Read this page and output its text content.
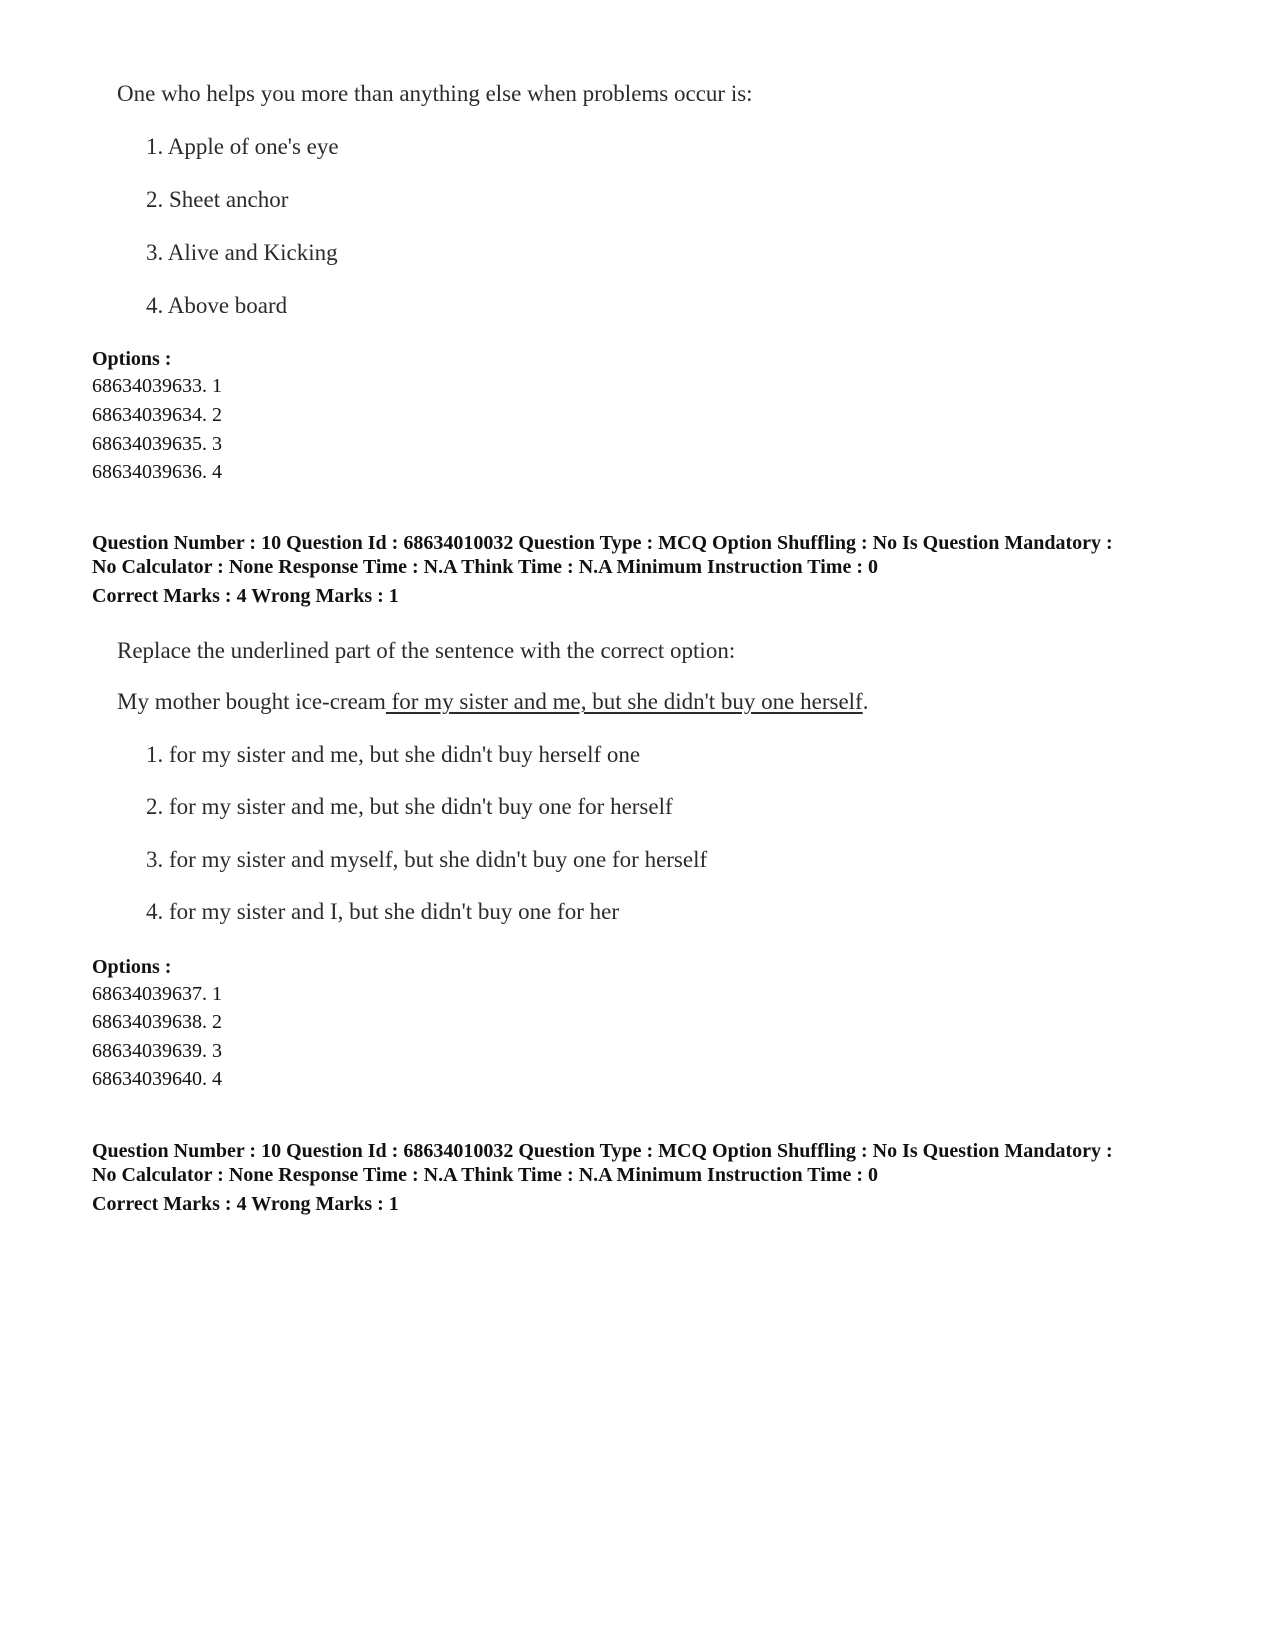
One who helps you more than anything else when problems occur is:
1. Apple of one's eye
2. Sheet anchor
3. Alive and Kicking
4. Above board
Options :
68634039633. 1
68634039634. 2
68634039635. 3
68634039636. 4
Question Number : 10 Question Id : 68634010032 Question Type : MCQ Option Shuffling : No Is Question Mandatory :
No Calculator : None Response Time : N.A Think Time : N.A Minimum Instruction Time : 0
Correct Marks : 4 Wrong Marks : 1
Replace the underlined part of the sentence with the correct option:
My mother bought ice-cream for my sister and me, but she didn't buy one herself.
1. for my sister and me, but she didn't buy herself one
2. for my sister and me, but she didn't buy one for herself
3. for my sister and myself, but she didn't buy one for herself
4. for my sister and I, but she didn't buy one for her
Options :
68634039637. 1
68634039638. 2
68634039639. 3
68634039640. 4
Question Number : 10 Question Id : 68634010032 Question Type : MCQ Option Shuffling : No Is Question Mandatory :
No Calculator : None Response Time : N.A Think Time : N.A Minimum Instruction Time : 0
Correct Marks : 4 Wrong Marks : 1
